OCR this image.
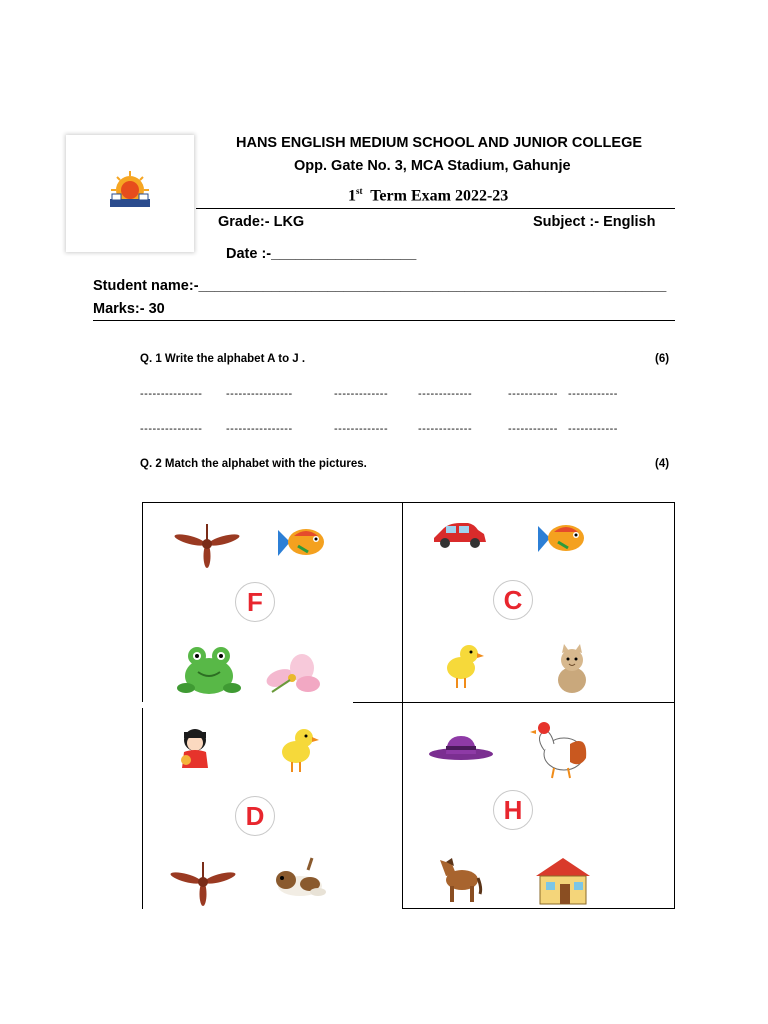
HANS ENGLISH MEDIUM SCHOOL AND JUNIOR COLLEGE
Opp. Gate No. 3, MCA Stadium, Gahunje
1st Term Exam 2022-23
Grade:- LKG	Subject :- English
Date :-__________________
Student name:-__________________________________________________________
Marks:- 30
Q. 1 Write the alphabet A to J .	(6)
--------------- ----------------	-------------	-------------	------------ ------------
--------------- ----------------	-------------	-------------	------------ ------------
Q. 2 Match the alphabet with the pictures.	(4)
F	C
D	H
